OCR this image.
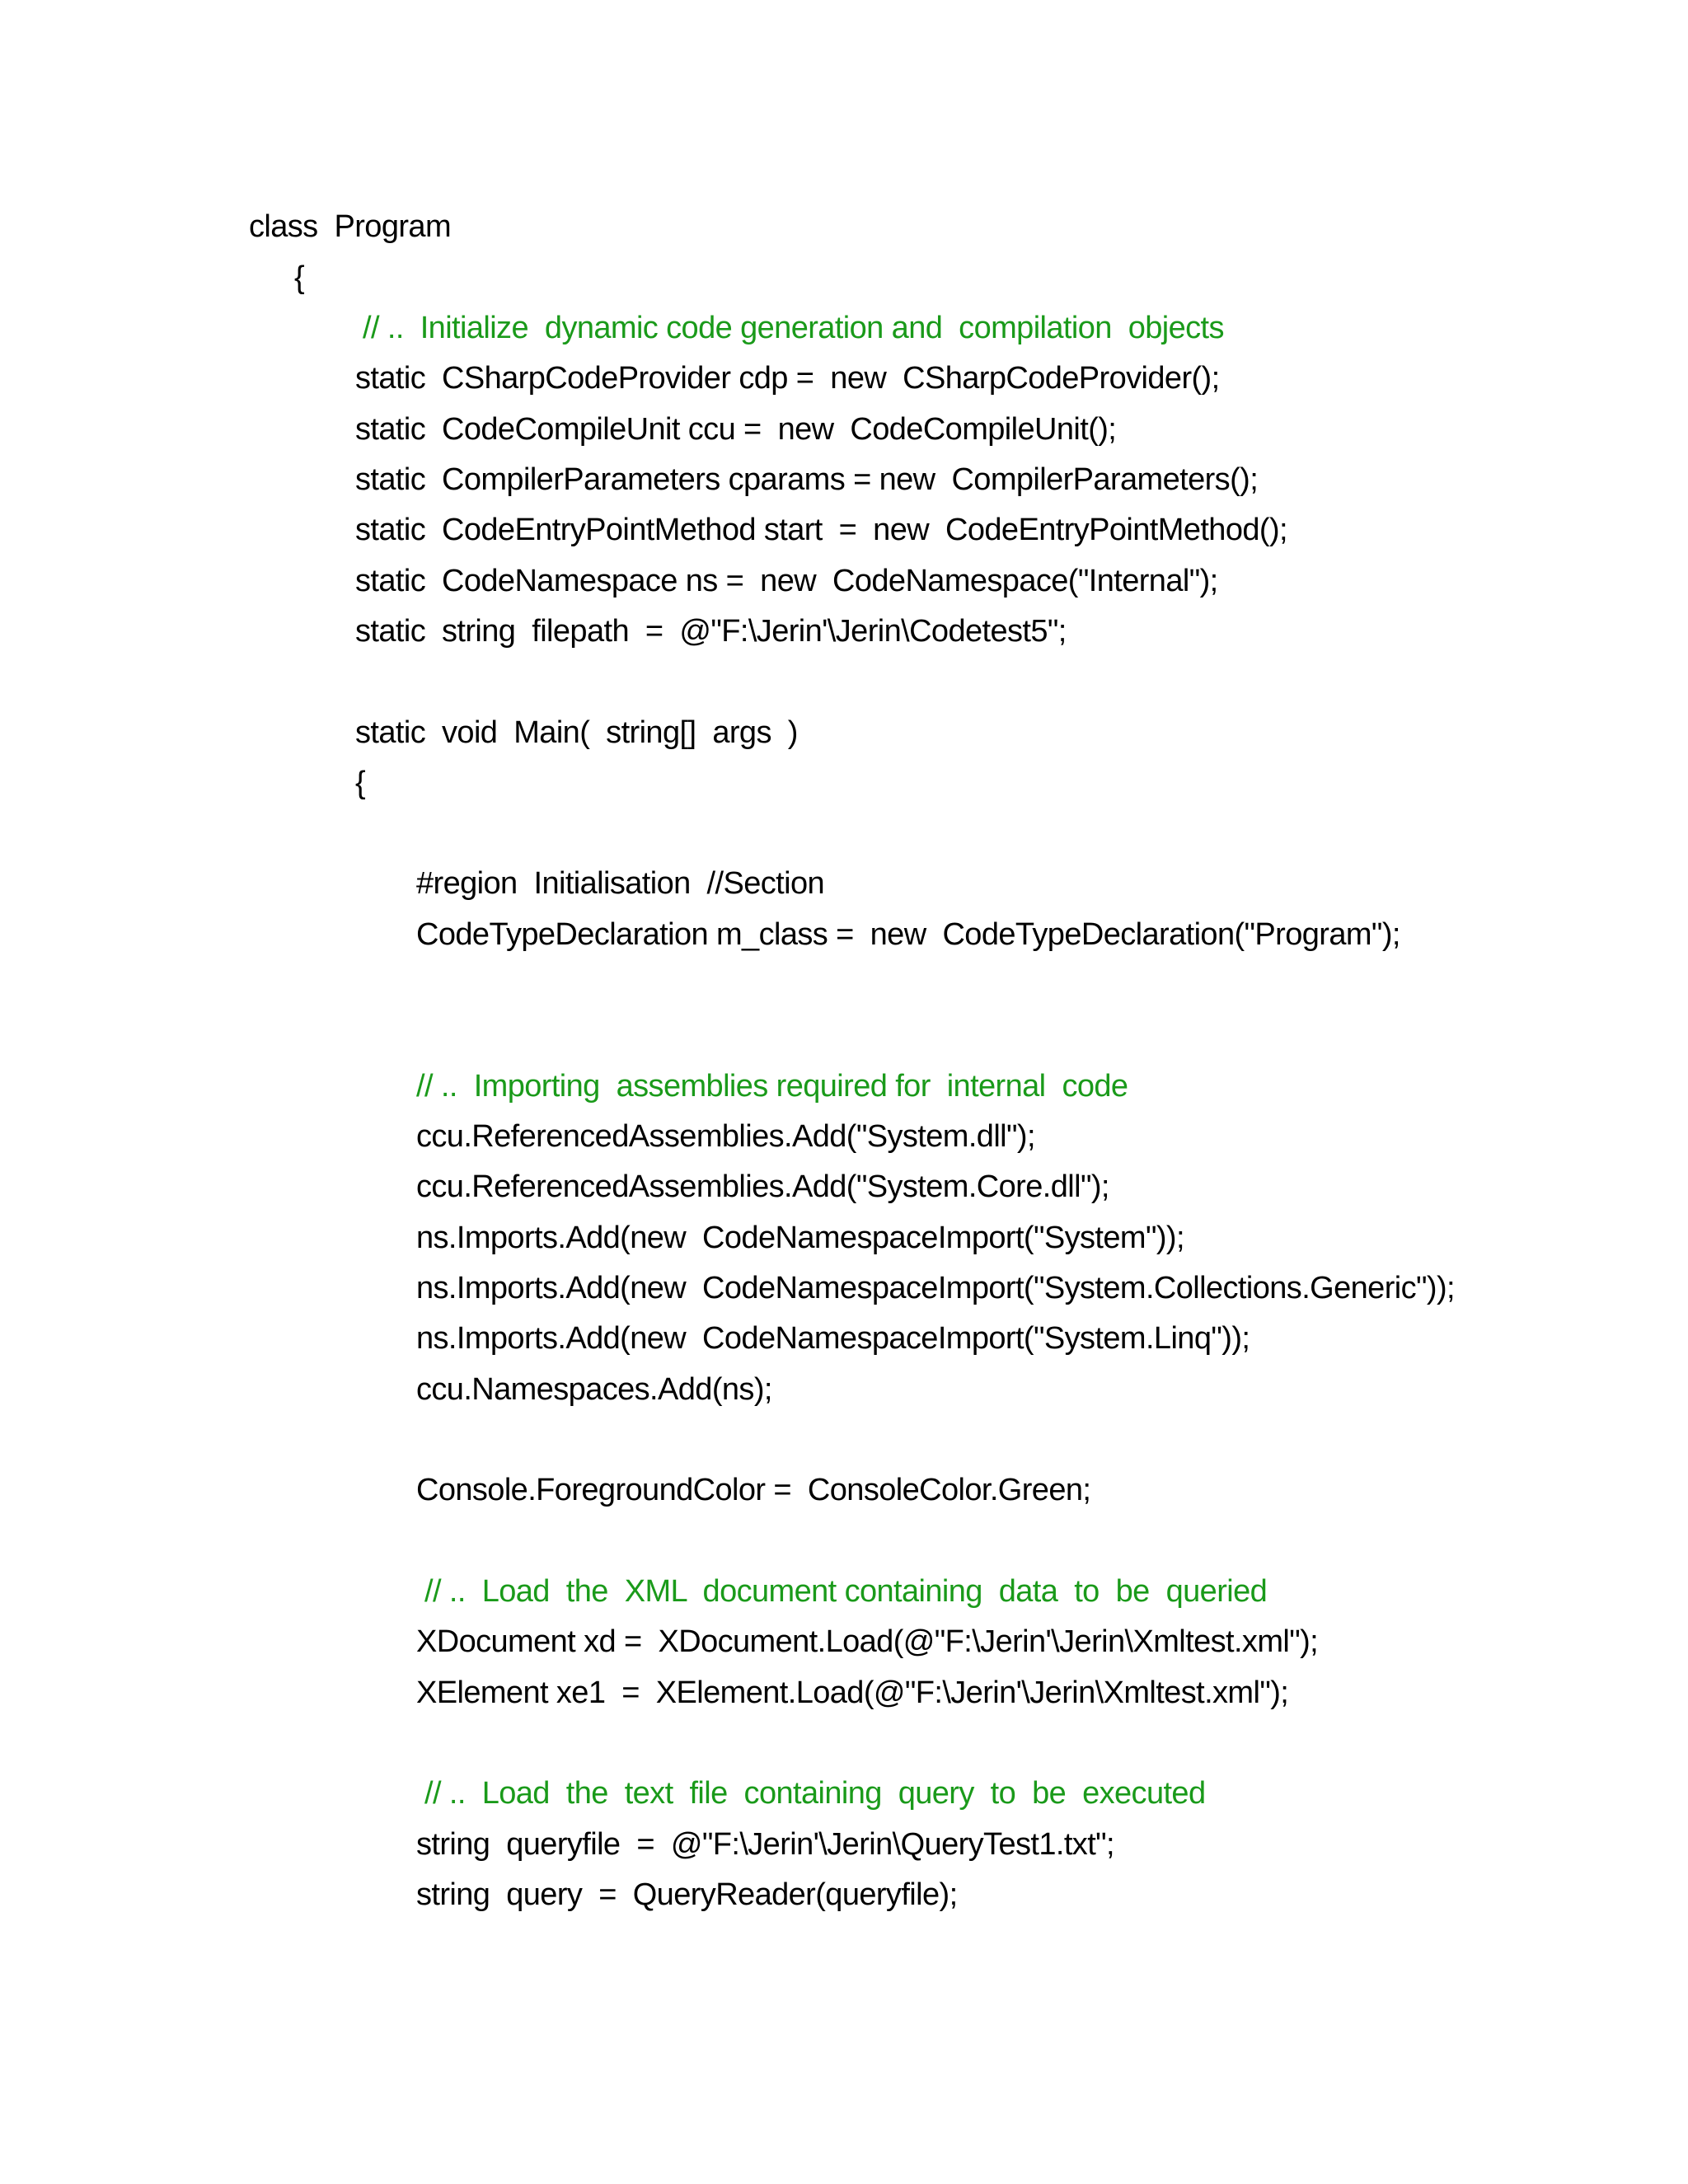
class  Program
{
// ..  Initialize  dynamic code generation and  compilation  objects
static  CSharpCodeProvider cdp =  new  CSharpCodeProvider();
static  CodeCompileUnit ccu =  new  CodeCompileUnit();
static  CompilerParameters cparams = new  CompilerParameters();
static  CodeEntryPointMethod start  =  new  CodeEntryPointMethod();
static  CodeNamespace ns =  new  CodeNamespace("Internal");
static  string  filepath  =  @"F:\Jerin'\Jerin\Codetest5";
static  void  Main(  string[]  args  )
{
#region  Initialisation  //Section
CodeTypeDeclaration m_class =  new  CodeTypeDeclaration("Program");
// ..  Importing  assemblies required for  internal  code
ccu.ReferencedAssemblies.Add("System.dll");
ccu.ReferencedAssemblies.Add("System.Core.dll");
ns.Imports.Add(new  CodeNamespaceImport("System"));
ns.Imports.Add(new  CodeNamespaceImport("System.Collections.Generic"));
ns.Imports.Add(new  CodeNamespaceImport("System.Linq"));
ccu.Namespaces.Add(ns);
Console.ForegroundColor =  ConsoleColor.Green;
// ..  Load  the  XML  document containing  data  to  be  queried
XDocument xd =  XDocument.Load(@"F:\Jerin'\Jerin\Xmltest.xml");
XElement xe1  =  XElement.Load(@"F:\Jerin'\Jerin\Xmltest.xml");
// ..  Load  the  text  file  containing  query  to  be  executed
string  queryfile  =  @"F:\Jerin'\Jerin\QueryTest1.txt";
string  query  =  QueryReader(queryfile);
